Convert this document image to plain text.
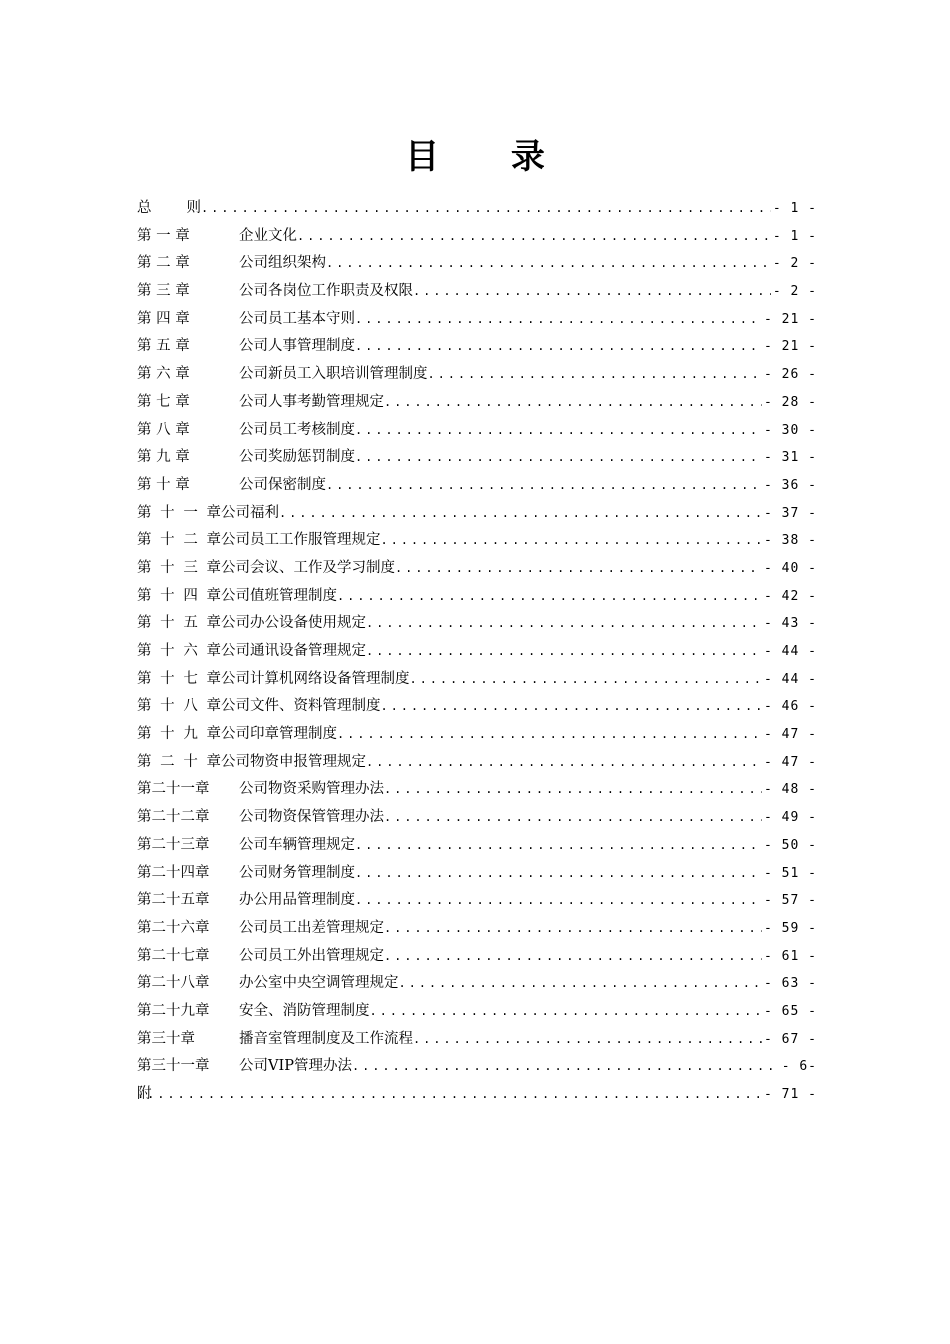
目 录
总 则 .....	- 1 -
第 一 章	企业文化 .....	- 1 -
第 二 章	公司组织架构 .....	- 2 -
第 三 章	公司各岗位工作职责及权限 .....	- 2 -
第 四 章	公司员工基本守则 .....	- 21 -
第 五 章	公司人事管理制度 .....	- 21 -
第 六 章	公司新员工入职培训管理制度 .....	- 26 -
第 七 章	公司人事考勤管理规定 .....	- 28 -
第 八 章	公司员工考核制度 .....	- 30 -
第 九 章	公司奖励惩罚制度 .....	- 31 -
第 十 章	公司保密制度 .....	- 36 -
第十一章 公司福利 .....	- 37 -
第十二章 公司员工工作服管理规定 .....	- 38 -
第十三章 公司会议、工作及学习制度 .....	- 40 -
第十四章 公司值班管理制度 .....	- 42 -
第十五章 公司办公设备使用规定 .....	- 43 -
第十六章 公司通讯设备管理规定 .....	- 44 -
第十七章 公司计算机网络设备管理制度 .....	- 44 -
第十八章 公司文件、资料管理制度 .....	- 46 -
第十九章 公司印章管理制度 .....	- 47 -
第二十章 公司物资申报管理规定 .....	- 47 -
第二十一章	公司物资采购管理办法 .....	- 48 -
第二十二章	公司物资保管管理办法 .....	- 49 -
第二十三章	公司车辆管理规定 .....	- 50 -
第二十四章	公司财务管理制度 .....	- 51 -
第二十五章	办公用品管理制度 .....	- 57 -
第二十六章	公司员工出差管理规定 .....	- 59 -
第二十七章	公司员工外出管理规定 .....	- 61 -
第二十八章	办公室中央空调管理规定 .....	- 63 -
第二十九章	安全、消防管理制度 .....	- 65 -
第三十章	播音室管理制度及工作流程 .....	- 67 -
第三十一章	公司VIP管理办法 .....	- 6-
附 .....	- 71 -
